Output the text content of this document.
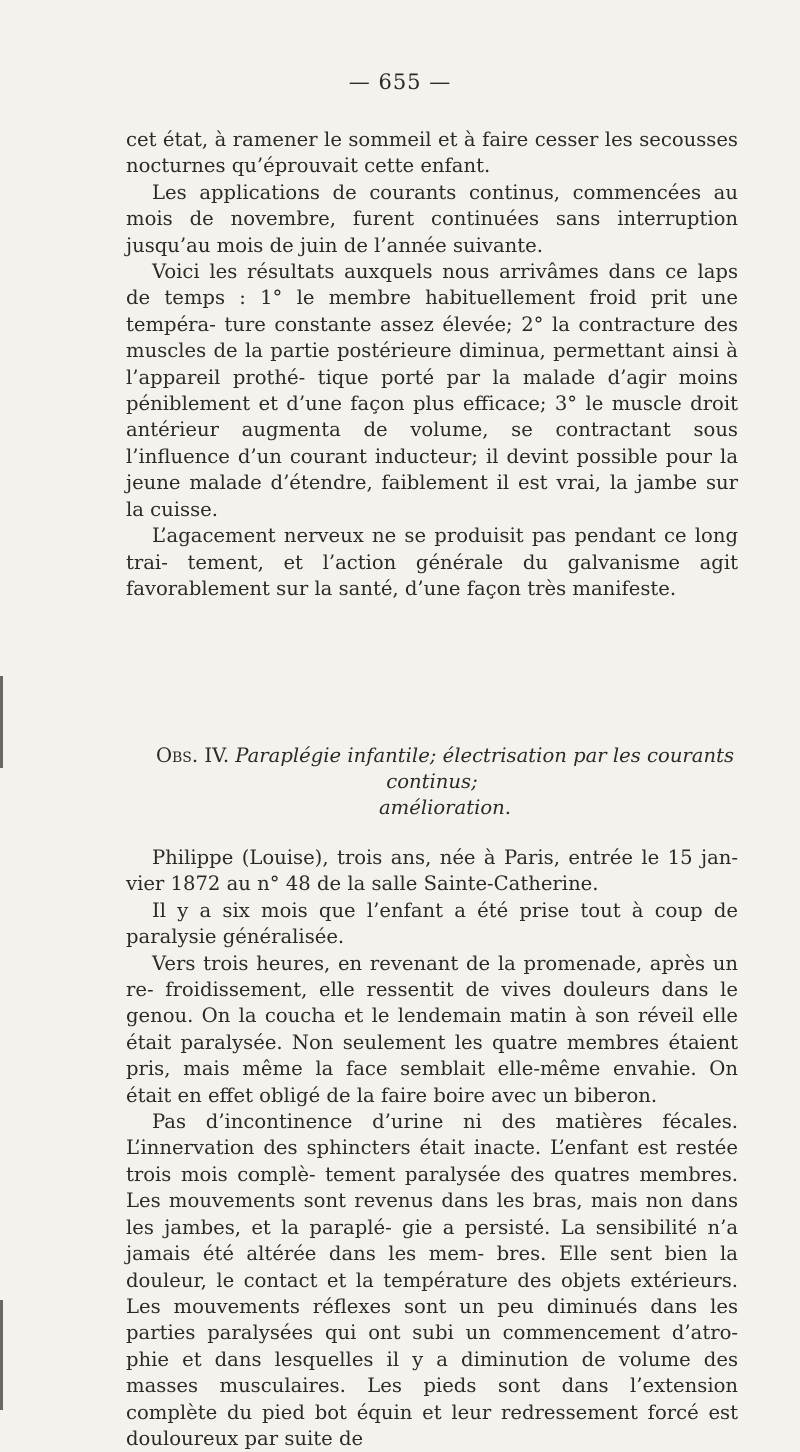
— 655 —

cet état, à ramener le sommeil et à faire cesser les secousses nocturnes qu’éprouvait cette enfant.

Les applications de courants continus, commencées au mois de novembre, furent continuées sans interruption jusqu’au mois de juin de l’année suivante.

Voici les résultats auxquels nous arrivâmes dans ce laps de temps : 1° le membre habituellement froid prit une tempéra- ture constante assez élevée; 2° la contracture des muscles de la partie postérieure diminua, permettant ainsi à l’appareil prothé- tique porté par la malade d’agir moins péniblement et d’une façon plus efficace; 3° le muscle droit antérieur augmenta de volume, se contractant sous l’influence d’un courant inducteur; il devint possible pour la jeune malade d’étendre, faiblement il est vrai, la jambe sur la cuisse.

L’agacement nerveux ne se produisit pas pendant ce long trai- tement, et l’action générale du galvanisme agit favorablement sur la santé, d’une façon très manifeste.

Obs. IV. Paraplégie infantile; électrisation par les courants continus;

amélioration.

Philippe (Louise), trois ans, née à Paris, entrée le 15 jan- vier 1872 au n° 48 de la salle Sainte-Catherine.

Il y a six mois que l’enfant a été prise tout à coup de paralysie généralisée.

Vers trois heures, en revenant de la promenade, après un re- froidissement, elle ressentit de vives douleurs dans le genou. On la coucha et le lendemain matin à son réveil elle était paralysée. Non seulement les quatre membres étaient pris, mais même la face semblait elle-même envahie. On était en effet obligé de la faire boire avec un biberon.

Pas d’incontinence d’urine ni des matières fécales. L’innervation des sphincters était inacte. L’enfant est restée trois mois complè- tement paralysée des quatres membres. Les mouvements sont revenus dans les bras, mais non dans les jambes, et la paraplé- gie a persisté. La sensibilité n’a jamais été altérée dans les mem- bres. Elle sent bien la douleur, le contact et la température des objets extérieurs. Les mouvements réflexes sont un peu diminués dans les parties paralysées qui ont subi un commencement d’atro- phie et dans lesquelles il y a diminution de volume des masses musculaires. Les pieds sont dans l’extension complète du pied bot équin et leur redressement forcé est douloureux par suite de
